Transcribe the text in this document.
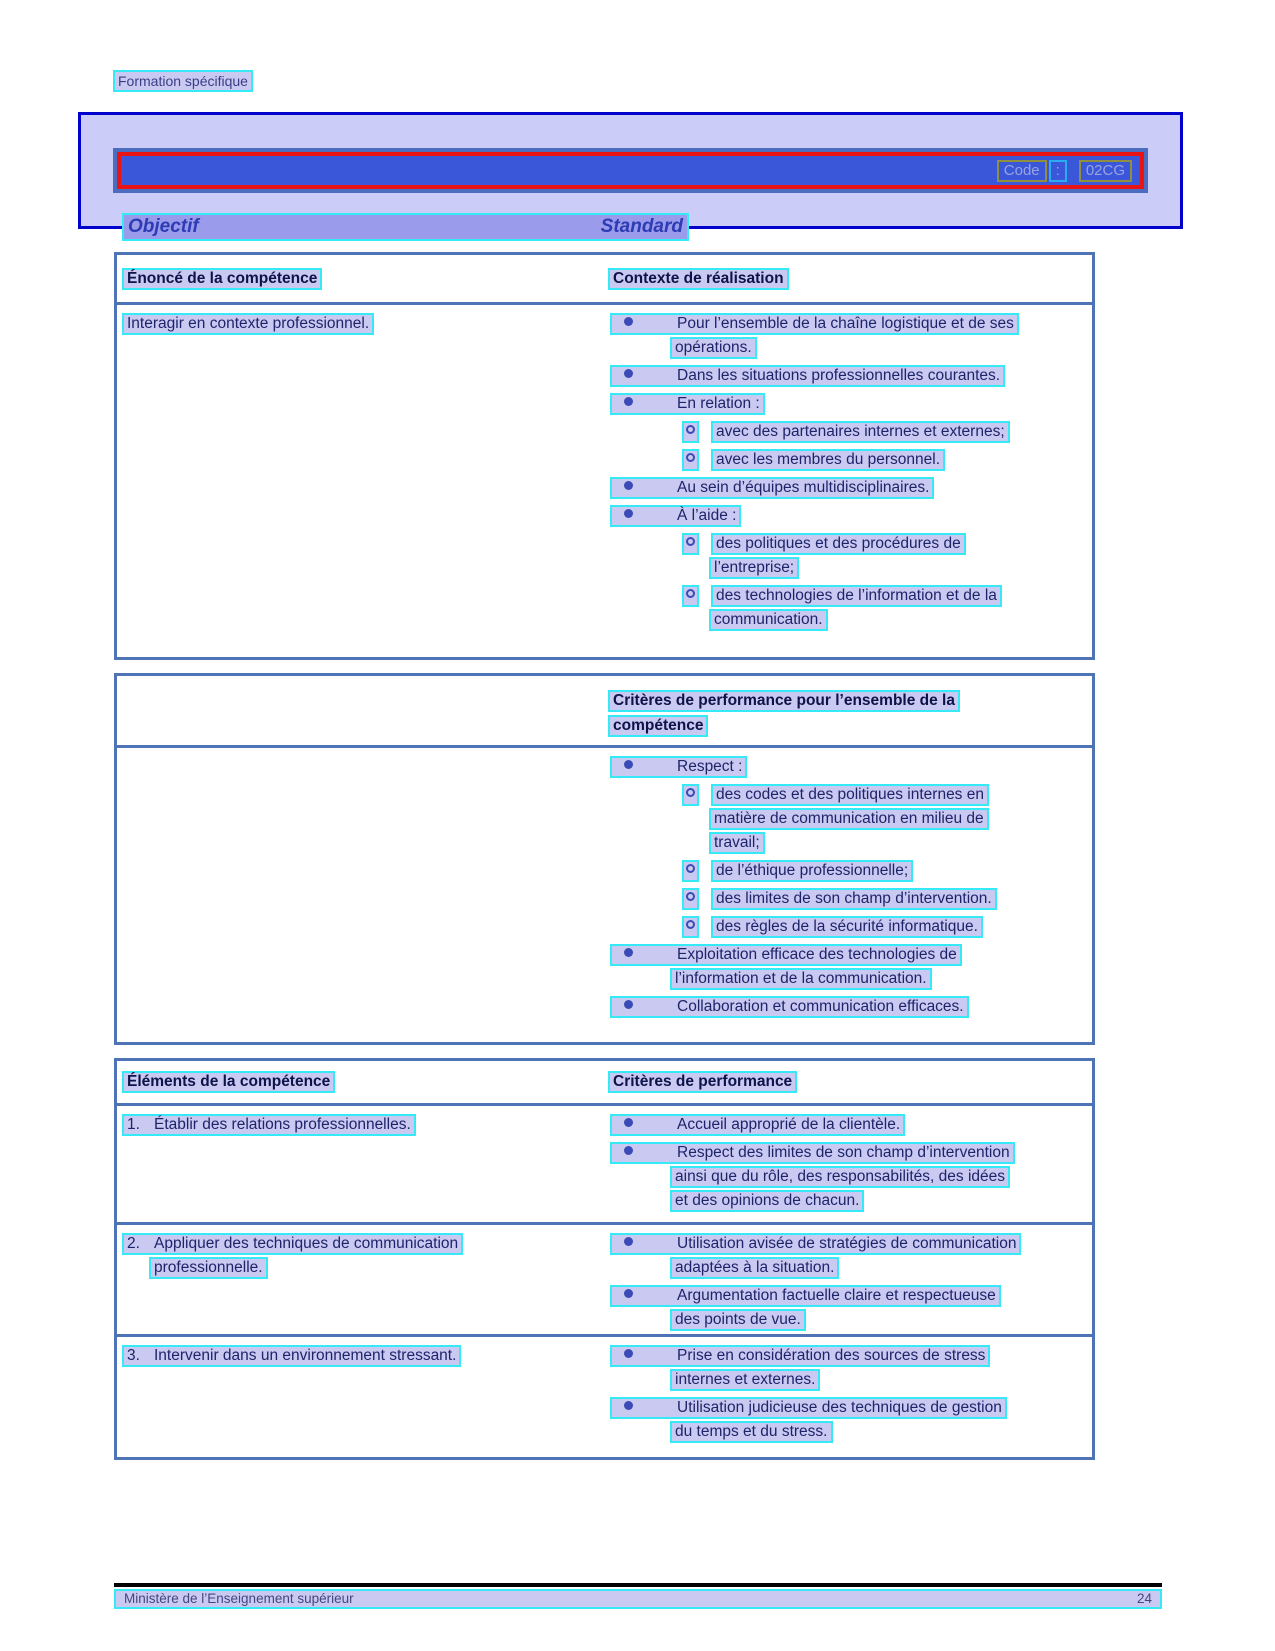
Formation spécifique
Code	:	02CG
Objectif	Standard
Énoncé de la compétence	Contexte de réalisation
Interagir en contexte professionnel.	Pour l’ensemble de la chaîne logistique et de ses
opérations.
Dans les situations professionnelles courantes.
En relation :
avec des partenaires internes et externes;
avec les membres du personnel.
Au sein d’équipes multidisciplinaires.
À l’aide :
des politiques et des procédures de
l’entreprise;
des technologies de l’information et de la
communication.
Critères de performance pour l’ensemble de la
compétence
Respect :
des codes et des politiques internes en
matière de communication en milieu de
travail;
de l’éthique professionnelle;
des limites de son champ d’intervention.
des règles de la sécurité informatique.
Exploitation efficace des technologies de
l’information et de la communication.
Collaboration et communication efficaces.
Éléments de la compétence	Critères de performance
1. Établir des relations professionnelles.	Accueil approprié de la clientèle.
Respect des limites de son champ d’intervention
ainsi que du rôle, des responsabilités, des idées
et des opinions de chacun.
2. Appliquer des techniques de communication
professionnelle.
Utilisation avisée de stratégies de communication
adaptées à la situation.
Argumentation factuelle claire et respectueuse
des points de vue.
3. Intervenir dans un environnement stressant.	Prise en considération des sources de stress
internes et externes.
Utilisation judicieuse des techniques de gestion
du temps et du stress.
Ministère de l’Enseignement supérieur	24
